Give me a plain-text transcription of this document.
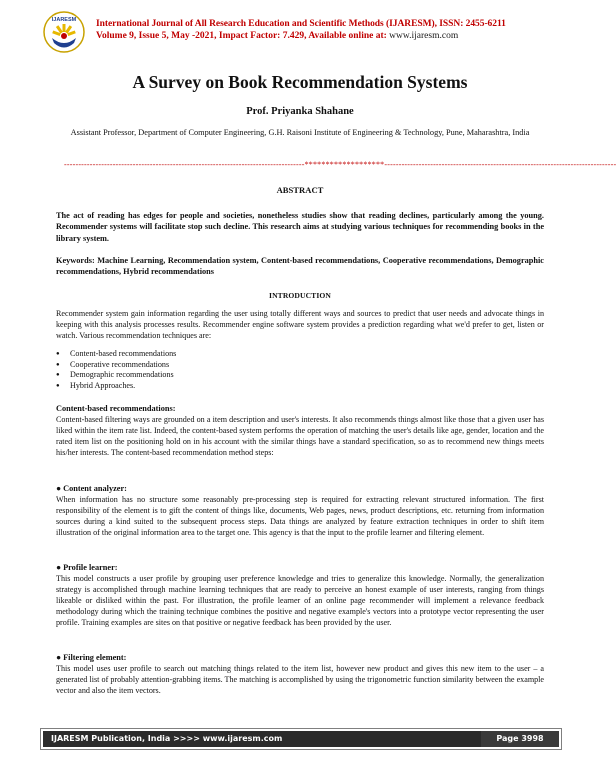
IJARESM International Journal of All Research Education and Scientific Methods (IJARESM), ISSN: 2455-6211
Volume 9, Issue 5, May -2021, Impact Factor: 7.429, Available online at: www.ijaresm.com
A Survey on Book Recommendation Systems
Prof. Priyanka Shahane
Assistant Professor, Department of Computer Engineering, G.H. Raisoni Institute of Engineering & Technology, Pune, Maharashtra, India
------------------------------------------------------------------------------------*******************---------------------------------------------------------------------------------
ABSTRACT
The act of reading has edges for people and societies, nonetheless studies show that reading declines, particularly among the young. Recommender systems will facilitate stop such decline. This research aims at studying various techniques for recommending books in the library system.
Keywords: Machine Learning, Recommendation system, Content-based recommendations, Cooperative recommendations, Demographic recommendations, Hybrid recommendations
INTRODUCTION
Recommender system gain information regarding the user using totally different ways and sources to predict that user needs and advocate things in keeping with this analysis processes results. Recommender engine software system provides a prediction regarding what we'd prefer to get, listen or watch. Various recommendation techniques are:
● Content-based recommendations
● Cooperative recommendations
● Demographic recommendations
● Hybrid Approaches.
Content-based recommendations:
Content-based filtering ways are grounded on a item description and user's interests. It also recommends things almost like those that a given user has liked within the item rate list. Indeed, the content-based system performs the operation of matching the user's details like age, gender, location and the rated item list on the positioning hold on in his account with the similar things have a standard specification, so as to recommend new things meets his/her interests. The content-based recommendation method steps:
● Content analyzer:
When information has no structure some reasonably pre-processing step is required for extracting relevant structured information. The first responsibility of the element is to gift the content of things like, documents, Web pages, news, product descriptions, etc. returning from information sources during a kind suited to the subsequent process steps. Data things are analyzed by feature extraction techniques in order to shift item illustration of the original information area to the target one. This agency is that the input to the profile learner and filtering element.
● Profile learner:
This model constructs a user profile by grouping user preference knowledge and tries to generalize this knowledge. Normally, the generalization strategy is accomplished through machine learning techniques that are ready to perceive an honest example of user interests, ranging from things likeable or disliked within the past. For illustration, the profile learner of an online page recommender will implement a relevance feedback methodology during which the training technique combines the positive and negative example's vectors into a prototype vector representing the user profile. Training examples are sites on that positive or negative feedback has been provided by the user.
● Filtering element:
This model uses user profile to search out matching things related to the item list, however new product and gives this new item to the user – a generated list of probably attention-grabbing items. The matching is accomplished by using the trigonometric function similarity between the example vector and also the item vectors.
IJARESM Publication, India >>>> www.ijaresm.com	Page 3998
